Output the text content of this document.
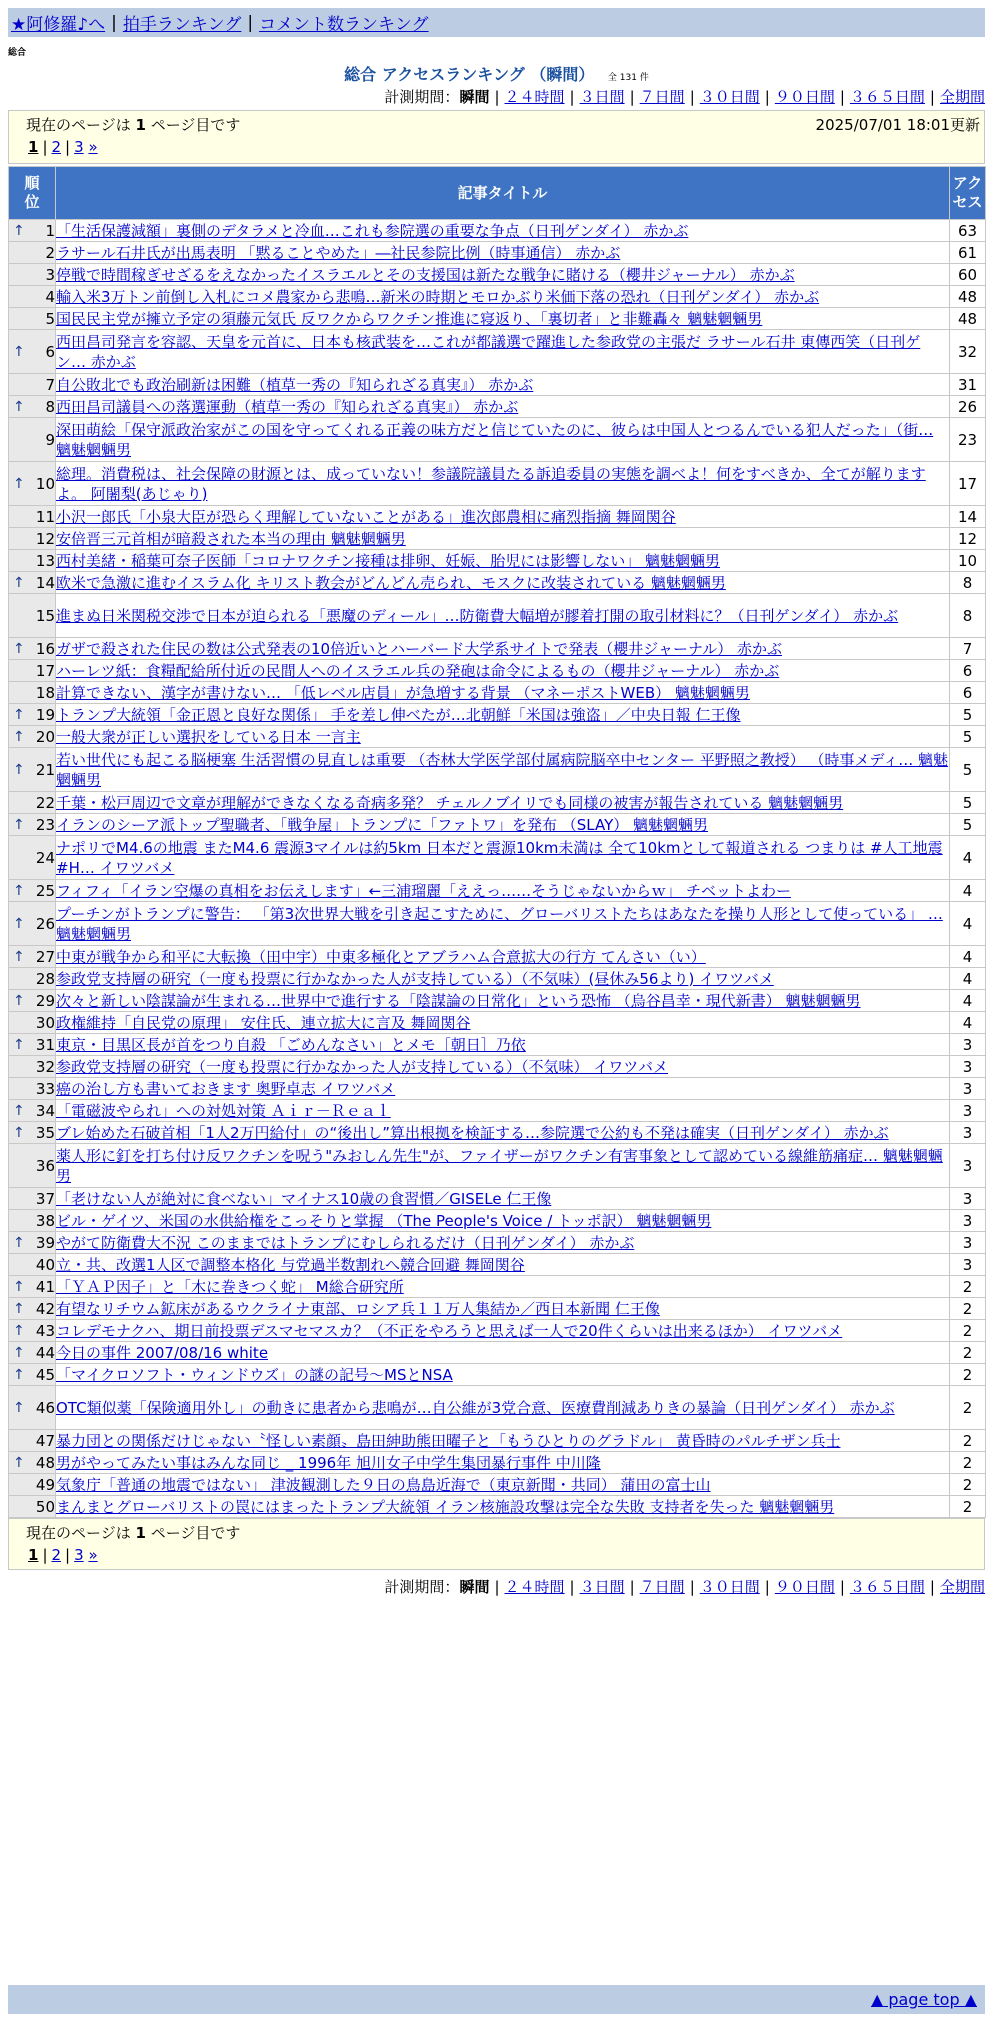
★阿修羅♪へ | 拍手ランキング | コメント数ランキング
総合
総合 アクセスランキング （瞬間） 全 131 件
計測期間：瞬間 | ２４時間 | ３日間 | ７日間 | ３０日間 | ９０日間 | ３６５日間 | 全期間
現在のページは 1 ページ目です	2025/07/01 18:01更新
1 | 2 | 3 »
順位	記事タイトル	アクセス

↑ 1	「生活保護減額」裏側のデタラメと冷血…これも参院選の重要な争点（日刊ゲンダイ） 赤かぶ	63
2	ラサール石井氏が出馬表明 「黙ることやめた」―社民参院比例（時事通信） 赤かぶ	61
3	停戦で時間稼ぎせざるをえなかったイスラエルとその支援国は新たな戦争に賭ける（櫻井ジャーナル） 赤かぶ	60
4	輸入米3万トン前倒し入札にコメ農家から悲鳴…新米の時期とモロかぶり米価下落の恐れ（日刊ゲンダイ） 赤かぶ	48
5	国民民主党が擁立予定の須藤元気氏 反ワクからワクチン推進に寝返り、「裏切者」と非難轟々 魑魅魍魎男	48

↑ 6	西田昌司発言を容認、天皇を元首に、日本も核武装を…これが都議選で躍進した参政党の主張だ ラサール石井 東傳西笑（日刊ゲン… 赤かぶ	32
7	自公敗北でも政治刷新は困難（植草一秀の『知られざる真実』） 赤かぶ	31

↑ 8	西田昌司議員への落選運動（植草一秀の『知られざる真実』） 赤かぶ	26
9	深田萌絵「保守派政治家がこの国を守ってくれる正義の味方だと信じていたのに、彼らは中国人とつるんでいる犯人だった」（街… 魑魅魍魎男	23

↑ 10	総理。消費税は、社会保障の財源とは、成っていない！参議院議員たる訴追委員の実態を調べよ！何をすべきか、全てが解りますよ。 阿闍梨(あじゃり)	17
11	小沢一郎氏「小泉大臣が恐らく理解していないことがある」進次郎農相に痛烈指摘 舞岡関谷	14
12	安倍晋三元首相が暗殺された本当の理由 魑魅魍魎男	12
13	西村美緒・稲葉可奈子医師「コロナワクチン接種は排卵、妊娠、胎児には影響しない」 魑魅魍魎男	10

↑ 14	欧米で急激に進むイスラム化 キリスト教会がどんどん売られ、モスクに改装されている 魑魅魍魎男	8
15	進まぬ日米関税交渉で日本が迫られる「悪魔のディール」…防衛費大幅増が膠着打開の取引材料に？（日刊ゲンダイ） 赤かぶ	8

↑ 16	ガザで殺された住民の数は公式発表の10倍近いとハーバード大学系サイトで発表（櫻井ジャーナル） 赤かぶ	7
17	ハーレツ紙：食糧配給所付近の民間人へのイスラエル兵の発砲は命令によるもの（櫻井ジャーナル） 赤かぶ	6
18	計算できない、漢字が書けない… 「低レベル店員」が急増する背景 （マネーポストWEB） 魑魅魍魎男	6

↑ 19	トランプ大統領「金正恩と良好な関係」 手を差し伸べたが…北朝鮮「米国は強盗」／中央日報 仁王像	5

↑ 20	一般大衆が正しい選択をしている日本 一言主	5

↑ 21	若い世代にも起こる脳梗塞 生活習慣の見直しは重要 （杏林大学医学部付属病院脳卒中センター 平野照之教授） （時事メディ… 魑魅魍魎男	5
22	千葉・松戸周辺で文章が理解ができなくなる奇病多発？ チェルノブイリでも同様の被害が報告されている 魑魅魍魎男	5

↑ 23	イランのシーア派トップ聖職者、「戦争屋」トランプに「ファトワ」を発布 （SLAY） 魑魅魍魎男	5
24	ナポリでM4.6の地震 またM4.6 震源3マイルは約5km 日本だと震源10km未満は 全て10kmとして報道される つまりは #人工地震 #H… イワツバメ	4

↑ 25	フィフィ「イラン空爆の真相をお伝えします」←三浦瑠麗「ええっ……そうじゃないからｗ」 チベットよわー	4

↑ 26	プーチンがトランプに警告： 「第3次世界大戦を引き起こすために、グローバリストたちはあなたを操り人形として使っている」 … 魑魅魍魎男	4

↑ 27	中東が戦争から和平に大転換（田中宇）中東多極化とアブラハム合意拡大の行方 てんさい（い）	4
28	参政党支持層の研究（一度も投票に行かなかった人が支持している）（不気味）(昼休み56より) イワツバメ	4

↑ 29	次々と新しい陰謀論が生まれる…世界中で進行する「陰謀論の日常化」という恐怖 （烏谷昌幸・現代新書） 魑魅魍魎男	4
30	政権維持「自民党の原理」 安住氏、連立拡大に言及 舞岡関谷	4

↑ 31	東京・目黒区長が首をつり自殺 「ごめんなさい」とメモ［朝日］乃依	3
32	参政党支持層の研究（一度も投票に行かなかった人が支持している）（不気味） イワツバメ	3
33	癌の治し方も書いておきます 奥野卓志 イワツバメ	3

↑ 34	「電磁波やられ」への対処対策 Ａｉｒ－Ｒｅａｌ	3

↑ 35	ブレ始めた石破首相「1人2万円給付」の“後出し”算出根拠を検証する…参院選で公約も不発は確実（日刊ゲンダイ） 赤かぶ	3
36	薬人形に釘を打ち付け反ワクチンを呪う"みおしん先生"が、ファイザーがワクチン有害事象として認めている線維筋痛症… 魑魅魍魎男	3
37	「老けない人が絶対に食べない」マイナス10歳の食習慣／GISELe 仁王像	3
38	ビル・ゲイツ、米国の水供給権をこっそりと掌握 （The People's Voice / トッポ訳） 魑魅魍魎男	3

↑ 39	やがて防衛費大不況 このままではトランプにむしられるだけ（日刊ゲンダイ） 赤かぶ	3
40	立・共、改選1人区で調整本格化 与党過半数割れへ競合回避 舞岡関谷	3

↑ 41	「ＹＡＰ因子」と「木に巻きつく蛇」 M総合研究所	2

↑ 42	有望なリチウム鉱床があるウクライナ東部、ロシア兵１１万人集結か／西日本新聞 仁王像	2

↑ 43	コレデモナクハ、期日前投票デスマセマスカ？（不正をやろうと思えば一人で20件くらいは出来るほか） イワツバメ	2

↑ 44	今日の事件 2007/08/16 white	2

↑ 45	「マイクロソフト・ウィンドウズ」の謎の記号～MSとNSA	2

↑ 46	OTC類似薬「保険適用外し」の動きに患者から悲鳴が…自公維が3党合意、医療費削減ありきの暴論（日刊ゲンダイ） 赤かぶ	2
47	暴力団との関係だけじゃない〝怪しい素顔〟島田紳助熊田曜子と「もうひとりのグラドル」 黄昏時のパルチザン兵士	2

↑ 48	男がやってみたい事はみんな同じ _ 1996年 旭川女子中学生集団暴行事件 中川隆	2
49	気象庁「普通の地震ではない」 津波観測した９日の鳥島近海で（東京新聞・共同） 蒲田の富士山	2
50	まんまとグローバリストの罠にはまったトランプ大統領 イラン核施設攻撃は完全な失敗 支持者を失った 魑魅魍魎男	2
現在のページは 1 ページ目です
1 | 2 | 3 »
計測期間：瞬間 | ２４時間 | ３日間 | ７日間 | ３０日間 | ９０日間 | ３６５日間 | 全期間
▲ page top ▲
